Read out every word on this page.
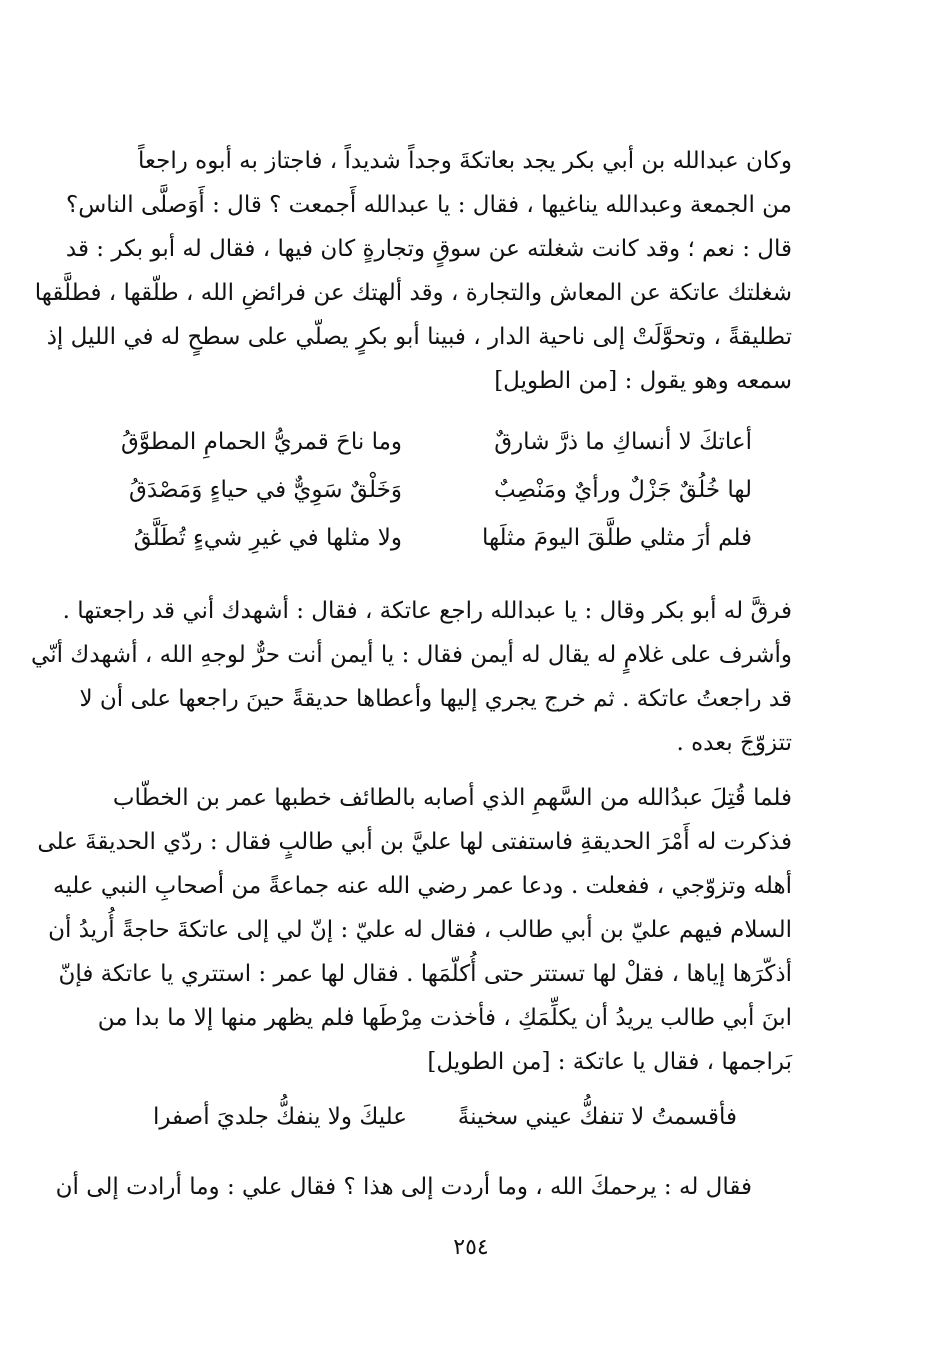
وكان عبدالله بن أبي بكر يجد بعاتكةَ وجداً شديداً ، فاجتاز به أبوه راجعاً
من الجمعة وعبدالله يناغيها ، فقال : يا عبدالله أَجمعت ؟ قال : أَوَصلَّى الناس؟
قال : نعم ؛ وقد كانت شغلته عن سوقٍ وتجارةٍ كان فيها ، فقال له أبو بكر : قد
شغلتك عاتكة عن المعاش والتجارة ، وقد ألهتك عن فرائضِ الله ، طلّقها ، فطلَّقها
تطليقةً ، وتحوَّلَتْ إلى ناحية الدار ، فبينا أبو بكرٍ يصلّي على سطحٍ له في الليل إذ
سمعه وهو يقول : [من الطويل]
أعاتكَ لا أنساكِ ما ذرَّ شارقٌ
وما ناحَ قمريُّ الحمامِ المطوَّقُ
لها خُلُقٌ جَزْلٌ ورأيٌ ومَنْصِبٌ
وَخَلْقٌ سَوِيٌّ في حياءٍ وَمَصْدَقُ
فلم أرَ مثلي طلَّقَ اليومَ مثلَها
ولا مثلها في غيرِ شيءٍ تُطَلَّقُ
فرقَّ له أبو بكر وقال : يا عبدالله راجع عاتكة ، فقال : أشهدك أني قد راجعتها .
وأشرف على غلامٍ له يقال له أيمن فقال : يا أيمن أنت حرٌّ لوجهِ الله ، أشهدك أنّي
قد راجعتُ عاتكة . ثم خرج يجري إليها وأعطاها حديقةً حينَ راجعها على أن لا
تتزوّجَ بعده .
فلما قُتِلَ عبدُالله من السَّهمِ الذي أصابه بالطائف خطبها عمر بن الخطّاب
فذكرت له أَمْرَ الحديقةِ فاستفتى لها عليَّ بن أبي طالبٍ فقال : ردّي الحديقةَ على
أهله وتزوّجي ، ففعلت . ودعا عمر رضي الله عنه جماعةً من أصحابِ النبي عليه
السلام فيهم عليّ بن أبي طالب ، فقال له عليّ : إنّ لي إلى عاتكةَ حاجةً أُريدُ أن
أذكّرَها إياها ، فقلْ لها تستتر حتى أُكلّمَها . فقال لها عمر : استتري يا عاتكة فإنّ
ابنَ أبي طالب يريدُ أن يكلِّمَكِ ، فأخذت مِرْطَها فلم يظهر منها إلا ما بدا من
بَراجمها ، فقال يا عاتكة : [من الطويل]
فأقسمتُ لا تنفكُّ عيني سخينةً
عليكَ ولا ينفكُّ جلديَ أصفرا
فقال له : يرحمكَ الله ، وما أردت إلى هذا ؟ فقال علي : وما أرادت إلى أن
٢٥٤
